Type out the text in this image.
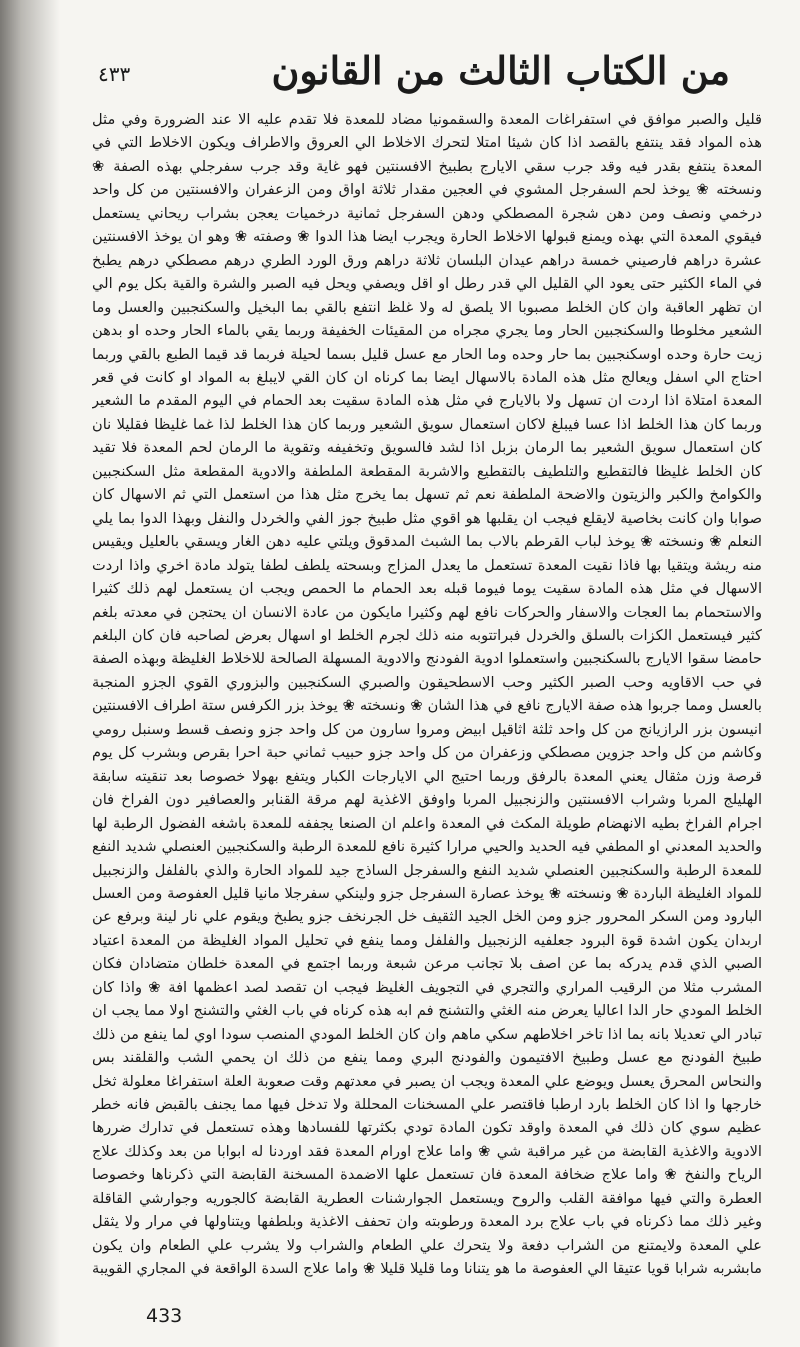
من الكتاب الثالث من القانون
٤٣٣

قليل والصبر موافق في استفراغات المعدة والسقمونيا مضاد للمعدة فلا تقدم عليه الا عند الضرورة وفي مثل هذه المواد فقد ينتفع بالقصد اذا كان شيئا امتلا لتحرك الاخلاط الي العروق والاطراف ويكون الاخلاط التي في المعدة ينتفع بقدر فيه وقد جرب سقي الايارج بطبيخ الافسنتين فهو غاية وقد جرب سفرجلي بهذه الصفة ❀ ونسخته ❀ يوخذ لحم السفرجل المشوي في العجين مقدار ثلاثة اواق ومن الزعفران والافسنتين من كل واحد درخمي ونصف ومن دهن شجرة المصطكي ودهن السفرجل ثمانية درخميات يعجن بشراب ريحاني يستعمل فيقوي المعدة التي بهذه ويمنع قبولها الاخلاط الحارة ويجرب ايضا هذا الدوا ❀ وصفته ❀ وهو ان يوخذ الافسنتين عشرة دراهم فارصيني خمسة دراهم عيدان البلسان ثلاثة دراهم ورق الورد الطري درهم مصطكي درهم يطبخ في الماء الكثير حتى يعود الي القليل الي قدر رطل او اقل ويصفي ويحل فيه الصبر والشرة والقية بكل يوم الي ان تظهر العاقبة وان كان الخلط مصبوبا الا يلصق له ولا غلظ انتفع بالقي بما البخيل والسكنجبين والعسل وما الشعير مخلوطا والسكنجبين الحار وما يجري مجراه من المقيئات الخفيفة وربما يقي بالماء الحار وحده او بدهن زيت حارة وحده اوسكنجبين بما حار وحده وما الحار مع عسل قليل بسما لحيلة فربما قد قيما الطبع بالقي وربما احتاج الي اسفل ويعالج مثل هذه المادة بالاسهال ايضا بما كرناه ان كان القي لايبلغ به المواد او كانت في قعر المعدة امتلاة اذا اردت ان تسهل ولا بالايارج في مثل هذه المادة سقيت بعد الحمام في اليوم المقدم ما الشعير وربما كان هذا الخلط اذا عسا فيبلغ لاكان استعمال سويق الشعير وربما كان هذا الخلط لذا غما غليظا فقليلا نان كان استعمال سويق الشعير بما الرمان بزبل اذا لشد فالسويق وتخفيفه وتقوية ما الرمان لحم المعدة فلا تقيد كان الخلط غليظا فالتقطيع والتلطيف بالتقطيع والاشربة المقطعة الملطفة والادوية المقطعة مثل السكنجبين والكوامخ والكبر والزيتون والاضحة الملطفة نعم ثم تسهل بما يخرج مثل هذا من استعمل التي ثم الاسهال كان صوابا وان كانت بخاصية لايقلع فيجب ان يقلبها هو اقوي مثل طبيخ جوز الفي والخردل والنفل وبهذا الدوا بما يلي النعلم ❀ ونسخته ❀ يوخذ لباب القرطم بالاب بما الشبث المدقوق ويلتي عليه دهن الغار ويسقي بالعليل ويقيس منه ريشة ويتقيا بها فاذا نقيت المعدة تستعمل ما يعدل المزاج وبسحته يلطف لطفا يتولد مادة اخري واذا اردت الاسهال في مثل هذه المادة سقيت يوما فيوما قبله بعد الحمام ما الحمص ويجب ان يستعمل لهم ذلك كثيرا والاستحمام بما العجات والاسفار والحركات نافع لهم وكثيرا مايكون من عادة الانسان ان يحتجن في معدته بلغم كثير فيستعمل الكزات بالسلق والخردل فبراتتوبه منه ذلك لجرم الخلط او اسهال بعرض لصاحبه فان كان البلغم حامضا سقوا الايارج بالسكنجبين واستعملوا ادوية الفودنج والادوية المسهلة الصالحة للاخلاط الغليظة وبهذه الصفة في حب الاقاويه وحب الصبر الكثير وحب الاسطحيقون والصبري السكنجبين والبزوري القوي الجزو المنجبة بالعسل ومما جربوا هذه صفة الايارج نافع في هذا الشان ❀ ونسخته ❀ يوخذ بزر الكرفس ستة اطراف الافسنتين انيسون بزر الرازيانج من كل واحد ثلثة اثاقيل ابيض ومروا سارون من كل واحد جزو ونصف قسط وسنبل رومي وكاشم من كل واحد جزوين مصطكي وزعفران من كل واحد جزو حبيب ثماني حبة احرا بقرص وبشرب كل يوم قرصة وزن مثقال يعني المعدة بالرفق وربما احتيج الي الايارجات الكبار ويتفع بهولا خصوصا بعد تنقيته سابقة الهليلج المربا وشراب الافسنتين والزنجبيل المربا واوفق الاغذية لهم مرقة القنابر والعصافير دون الفراخ فان اجرام الفراخ بطيه الانهضام طويلة المكث في المعدة واعلم ان الصنعا يجففه للمعدة باشغه الفضول الرطبة لها والحديد المعدني او المطفي فيه الحديد والحيي مرارا كثيرة نافع للمعدة الرطبة والسكنجبين العنصلي شديد النفع للمعدة الرطبة والسكنجبين العنصلي شديد النفع والسفرجل الساذج جيد للمواد الحارة والذي بالفلفل والزنجبيل للمواد الغليظة الباردة ❀ ونسخته ❀ يوخذ عصارة السفرجل جزو ولينكي سفرجلا مانيا قليل العفوصة ومن العسل البارود ومن السكر المحرور جزو ومن الخل الجيد الثقيف خل الجرنخف جزو يطبخ ويقوم علي نار لينة وبرفع عن اربدان يكون اشدة قوة البرود جعلفيه الزنجبيل والفلفل ومما ينفع في تحليل المواد الغليظة من المعدة اعتياد الصبي الذي قدم يدركه بما عن اصف بلا تجانب مرعن شبعة وربما اجتمع في المعدة خلطان متضادان فكان المشرب مثلا من الرقيب المراري والتجري في التجويف الغليظ فيجب ان تقصد لصد اعظمها افة ❀ واذا كان الخلط المودي حار الدا اعاليا يعرض منه الغثي والتشنج فم ابه هذه كرناه في باب الغثي والتشنج اولا مما يجب ان تبادر الي تعديلا بانه بما اذا تاخر اخلاطهم سكي ماهم وان كان الخلط المودي المنصب سودا اوي لما ينفع من ذلك طبيخ الفودنج مع عسل وطبيخ الافتيمون والفودنج البري ومما ينفع من ذلك ان يحمي الشب والقلقند بس والنحاس المحرق يعسل ويوضع علي المعدة ويجب ان يصبر في معدتهم وقت صعوبة العلة استفراغا معلولة ثخل خارجها وا اذا كان الخلط بارد ارطبا فاقتصر علي المسخنات المحللة ولا تدخل فيها مما يجنف بالقبض فانه خطر عظيم سوي كان ذلك في المعدة واوقد تكون المادة تودي بكثرتها للفسادها وهذه تستعمل في تدارك ضررها الادوية والاغذية القابضة من غير مراقبة شي ❀ واما علاج اورام المعدة فقد اوردنا له ابوابا من بعد وكذلك علاج الرياح والنفخ ❀ واما علاج ضخافة المعدة فان تستعمل علها الاضمدة المسخنة القابضة التي ذكرناها وخصوصا العطرة والتي فيها موافقة القلب والروح ويستعمل الجوارشنات العطرية القابضة كالجوريه وجوارشي القاقلة وغير ذلك مما ذكرناه في باب علاج برد المعدة ورطوبته وان تحفف الاغذية وبلطفها ويتناولها في مرار ولا يثقل علي المعدة ولايمتنع من الشراب دفعة ولا يتحرك علي الطعام والشراب ولا يشرب علي الطعام وان يكون مابشربه شرابا قويا عتيقا الي العفوصة ما هو يتنانا وما قليلا قليلا ❀ واما علاج السدة الواقعة في المجاري القويبة

433
